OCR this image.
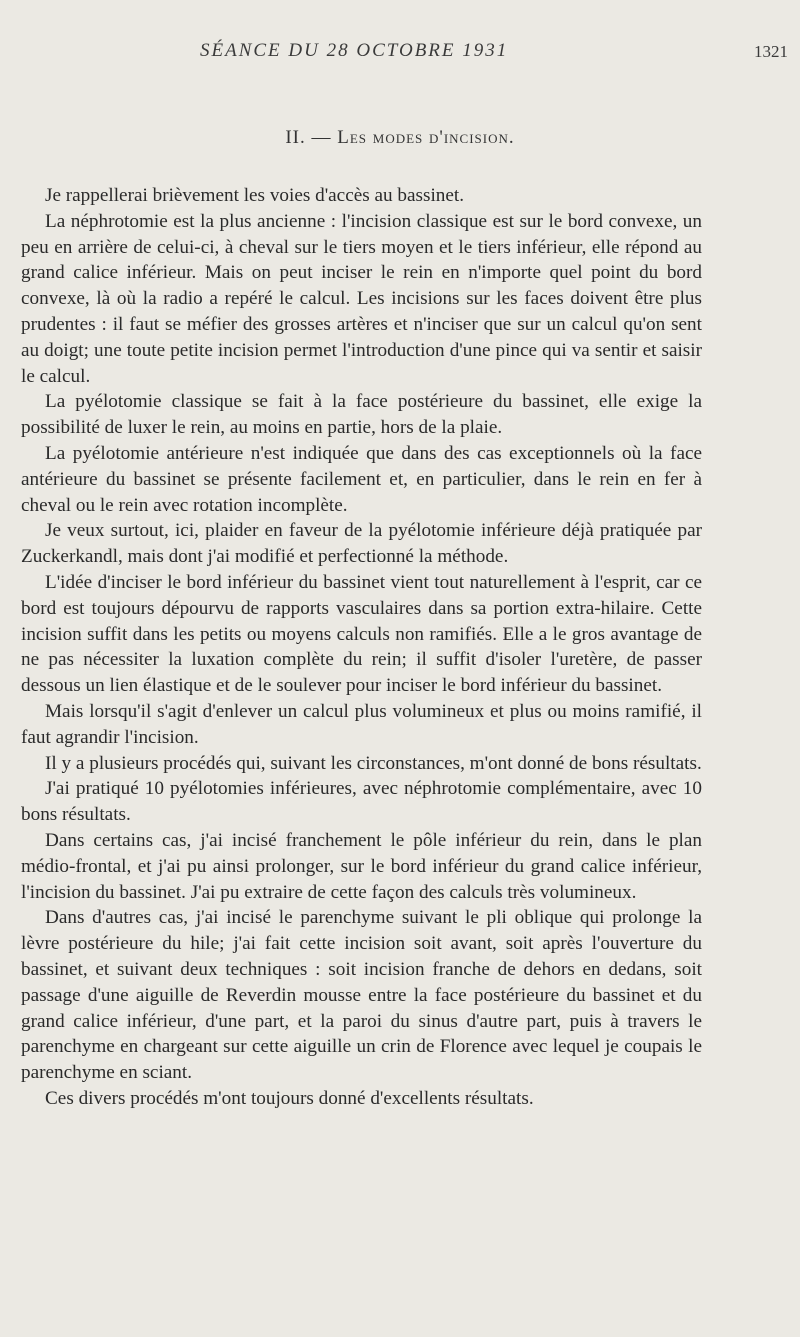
SÉANCE DU 28 OCTOBRE 1931	1321
II. — Les modes d'incision.

Je rappellerai brièvement les voies d'accès au bassinet.

La néphrotomie est la plus ancienne : l'incision classique est sur le bord convexe, un peu en arrière de celui-ci, à cheval sur le tiers moyen et le tiers inférieur, elle répond au grand calice inférieur. Mais on peut inciser le rein en n'importe quel point du bord convexe, là où la radio a repéré le calcul. Les incisions sur les faces doivent être plus prudentes : il faut se méfier des grosses artères et n'inciser que sur un calcul qu'on sent au doigt; une toute petite incision permet l'introduction d'une pince qui va sentir et saisir le calcul.

La pyélotomie classique se fait à la face postérieure du bassinet, elle exige la possibilité de luxer le rein, au moins en partie, hors de la plaie.

La pyélotomie antérieure n'est indiquée que dans des cas exceptionnels où la face antérieure du bassinet se présente facilement et, en particulier, dans le rein en fer à cheval ou le rein avec rotation incomplète.

Je veux surtout, ici, plaider en faveur de la pyélotomie inférieure déjà pratiquée par Zuckerkandl, mais dont j'ai modifié et perfectionné la méthode.

L'idée d'inciser le bord inférieur du bassinet vient tout naturellement à l'esprit, car ce bord est toujours dépourvu de rapports vasculaires dans sa portion extra-hilaire. Cette incision suffit dans les petits ou moyens calculs non ramifiés. Elle a le gros avantage de ne pas nécessiter la luxation complète du rein; il suffit d'isoler l'uretère, de passer dessous un lien élastique et de le soulever pour inciser le bord inférieur du bassinet.

Mais lorsqu'il s'agit d'enlever un calcul plus volumineux et plus ou moins ramifié, il faut agrandir l'incision.

Il y a plusieurs procédés qui, suivant les circonstances, m'ont donné de bons résultats.

J'ai pratiqué 10 pyélotomies inférieures, avec néphrotomie complémentaire, avec 10 bons résultats.

Dans certains cas, j'ai incisé franchement le pôle inférieur du rein, dans le plan médio-frontal, et j'ai pu ainsi prolonger, sur le bord inférieur du grand calice inférieur, l'incision du bassinet. J'ai pu extraire de cette façon des calculs très volumineux.

Dans d'autres cas, j'ai incisé le parenchyme suivant le pli oblique qui prolonge la lèvre postérieure du hile; j'ai fait cette incision soit avant, soit après l'ouverture du bassinet, et suivant deux techniques : soit incision franche de dehors en dedans, soit passage d'une aiguille de Reverdin mousse entre la face postérieure du bassinet et du grand calice inférieur, d'une part, et la paroi du sinus d'autre part, puis à travers le parenchyme en chargeant sur cette aiguille un crin de Florence avec lequel je coupais le parenchyme en sciant.

Ces divers procédés m'ont toujours donné d'excellents résultats.
